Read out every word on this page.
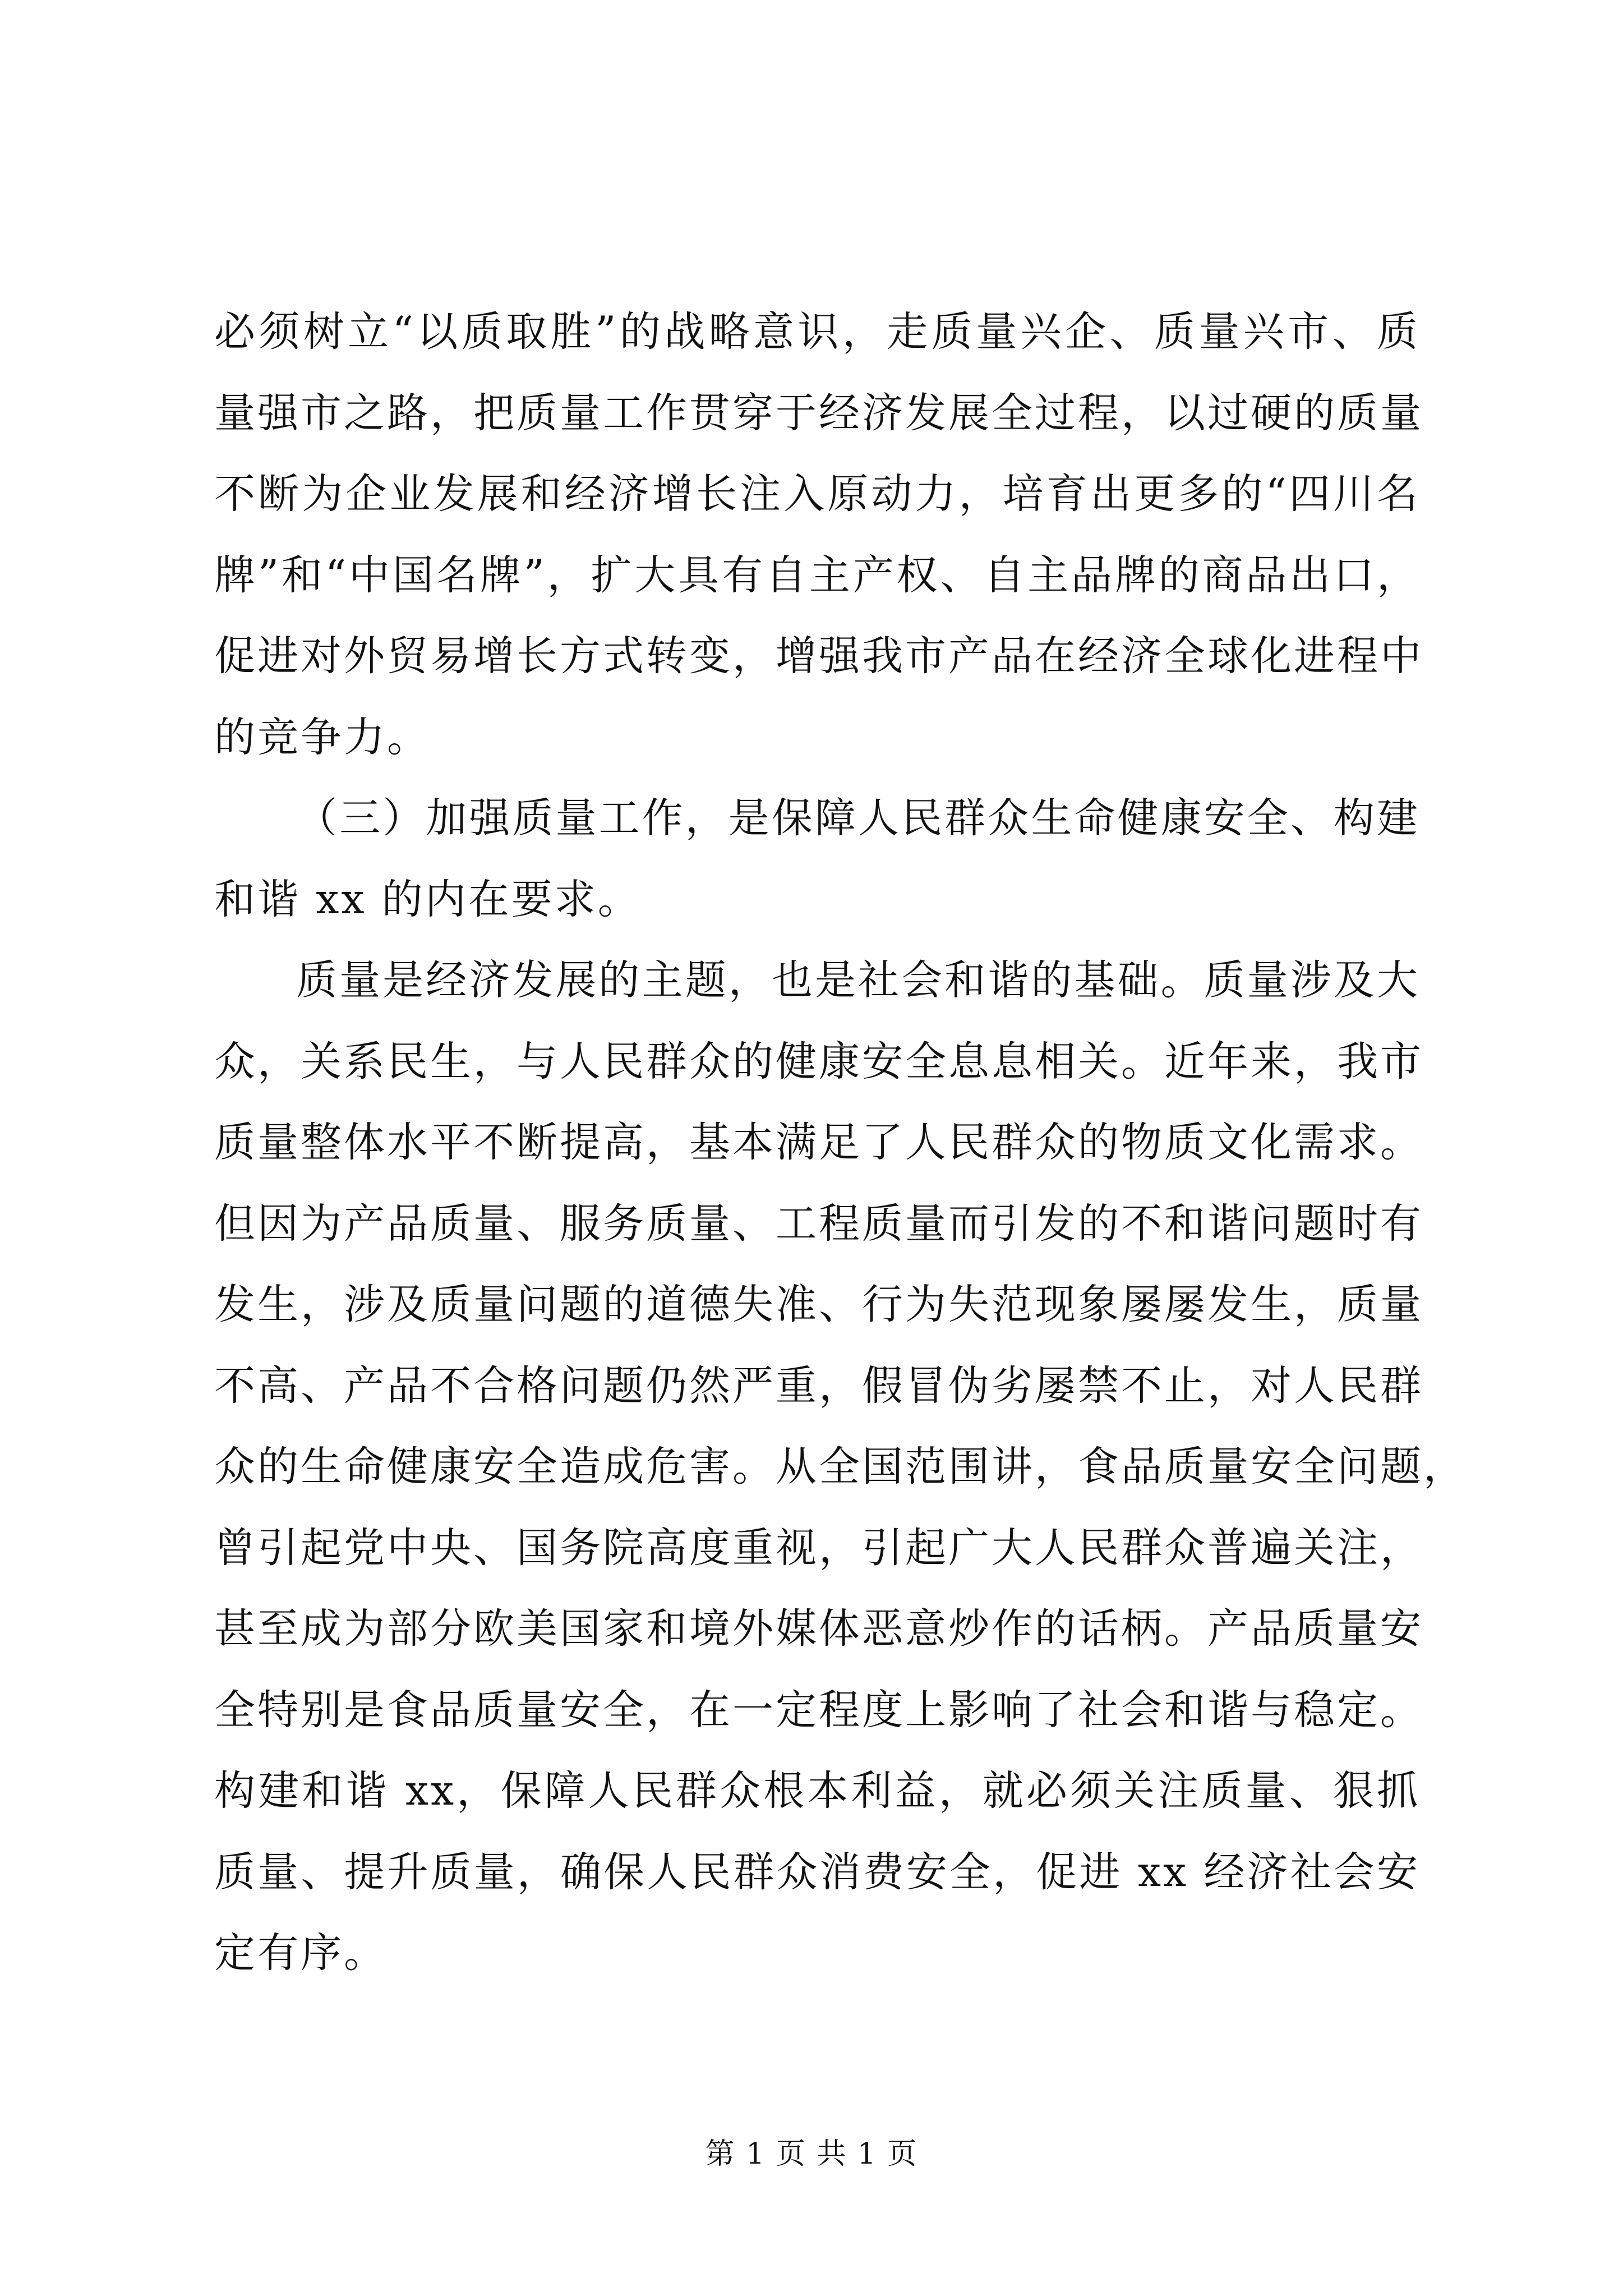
必须树立“以质取胜”的战略意识，走质量兴企、质量兴市、质
量强市之路，把质量工作贯穿于经济发展全过程，以过硬的质量
不断为企业发展和经济增长注入原动力，培育出更多的“四川名
牌”和“中国名牌”，扩大具有自主产权、自主品牌的商品出口，
促进对外贸易增长方式转变，增强我市产品在经济全球化进程中
的竞争力。
（三）加强质量工作，是保障人民群众生命健康安全、构建
和谐 xx 的内在要求。
质量是经济发展的主题，也是社会和谐的基础。质量涉及大
众，关系民生，与人民群众的健康安全息息相关。近年来，我市
质量整体水平不断提高，基本满足了人民群众的物质文化需求。
但因为产品质量、服务质量、工程质量而引发的不和谐问题时有
发生，涉及质量问题的道德失准、行为失范现象屡屡发生，质量
不高、产品不合格问题仍然严重，假冒伪劣屡禁不止，对人民群
众的生命健康安全造成危害。从全国范围讲，食品质量安全问题，
曾引起党中央、国务院高度重视，引起广大人民群众普遍关注，
甚至成为部分欧美国家和境外媒体恶意炒作的话柄。产品质量安
全特别是食品质量安全，在一定程度上影响了社会和谐与稳定。
构建和谐 xx，保障人民群众根本利益，就必须关注质量、狠抓
质量、提升质量，确保人民群众消费安全，促进 xx 经济社会安
定有序。
第 1 页 共 1 页
